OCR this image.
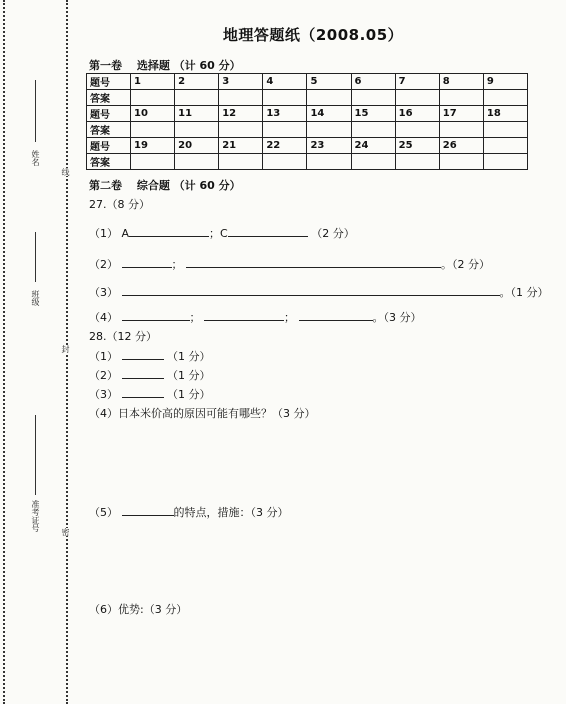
姓名
班级
准考证号
线
封
密
地理答题纸（2008.05）
第一卷　 选择题 （计 60 分）
题号	1	2	3	4	5	6	7	8	9
答案									
题号	10	11	12	13	14	15	16	17	18
答案									
题号	19	20	21	22	23	24	25	26	
答案									
第二卷　 综合题 （计 60 分）
27.（8 分）
（1） A	；C	（2 分）
（2）	；	。（2 分）
（3）	。（1 分）
（4）	；	；	。（3 分）
28.（12 分）
（1）	（1 分）
（2）	（1 分）
（3）	（1 分）
（4）日本米价高的原因可能有哪些？（3 分）
（5）	的特点，措施：（3 分）
（6）优势:（3 分）
